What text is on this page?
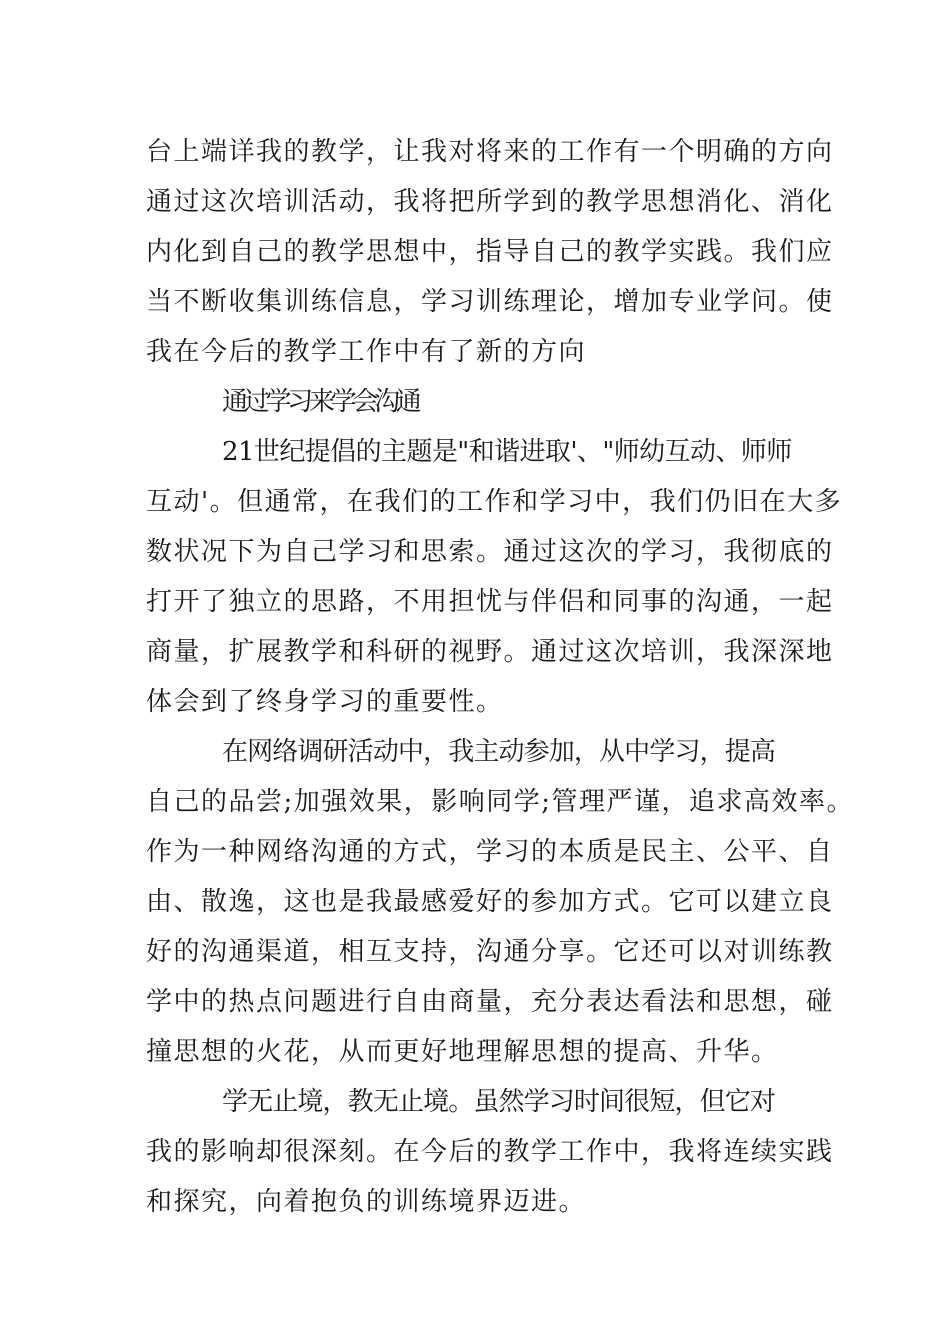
台上端详我的教学，让我对将来的工作有一个明确的方向
通过这次培训活动，我将把所学到的教学思想消化、消化
内化到自己的教学思想中，指导自己的教学实践。我们应
当不断收集训练信息，学习训练理论，增加专业学问。使
我在今后的教学工作中有了新的方向
通过学习来学会沟通
21世纪提倡的主题是"和谐进取'、"师幼互动、师师
互动'。但通常，在我们的工作和学习中，我们仍旧在大多
数状况下为自己学习和思索。通过这次的学习，我彻底的
打开了独立的思路，不用担忧与伴侣和同事的沟通，一起
商量，扩展教学和科研的视野。通过这次培训，我深深地
体会到了终身学习的重要性。
在网络调研活动中，我主动参加，从中学习，提高
自己的品尝;加强效果，影响同学;管理严谨，追求高效率。
作为一种网络沟通的方式，学习的本质是民主、公平、自
由、散逸，这也是我最感爱好的参加方式。它可以建立良
好的沟通渠道，相互支持，沟通分享。它还可以对训练教
学中的热点问题进行自由商量，充分表达看法和思想，碰
撞思想的火花，从而更好地理解思想的提高、升华。
学无止境，教无止境。虽然学习时间很短，但它对
我的影响却很深刻。在今后的教学工作中，我将连续实践
和探究，向着抱负的训练境界迈进。
